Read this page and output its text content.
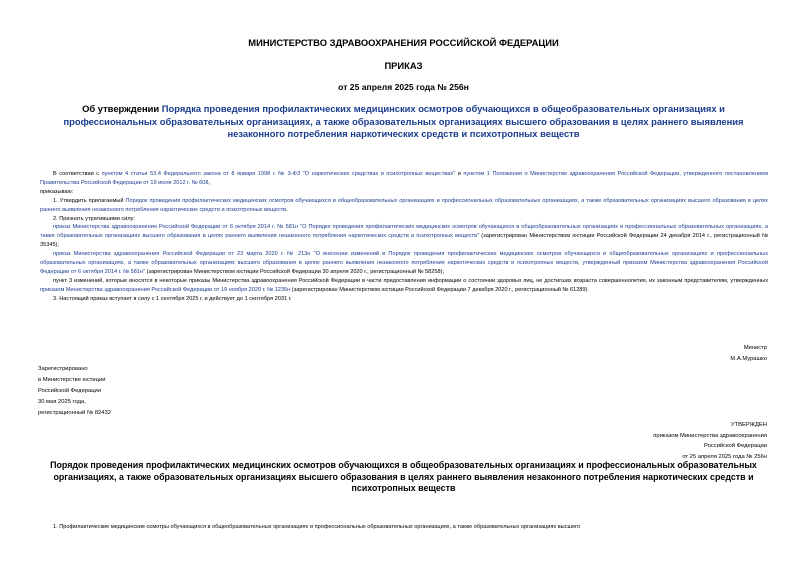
МИНИСТЕРСТВО ЗДРАВООХРАНЕНИЯ РОССИЙСКОЙ ФЕДЕРАЦИИ
ПРИКАЗ
от 25 апреля 2025 года № 256н
Об утверждении Порядка проведения профилактических медицинских осмотров обучающихся в общеобразовательных организациях и профессиональных образовательных организациях, а также образовательных организациях высшего образования в целях раннего выявления незаконного потребления наркотических средств и психотропных веществ

В соответствии с пунктом 4 статьи 53.4 Федерального закона от 8 января 1998 г. № 3-ФЗ "О наркотических средствах и психотропных веществах" и пунктом 1 Положения о Министерстве здравоохранения Российской Федерации, утвержденного постановлением Правительства Российской Федерации от 19 июня 2012 г. № 608,

приказываю:

1. Утвердить прилагаемый Порядок проведения профилактических медицинских осмотров обучающихся в общеобразовательных организациях и профессиональных образовательных организациях, а также образовательных организациях высшего образования в целях раннего выявления незаконного потребления наркотических средств и психотропных веществ.

2. Признать утратившими силу:

приказ Министерства здравоохранения Российской Федерации от 6 октября 2014 г. № 581н "О Порядке проведения профилактических медицинских осмотров обучающихся в общеобразовательных организациях и профессиональных образовательных организациях, а также образовательных организациях высшего образования в целях раннего выявления незаконного потребления наркотических средств и психотропных веществ" (зарегистрирован Министерством юстиции Российской Федерации 24 декабря 2014 г., регистрационный № 35345);

приказ Министерства здравоохранения Российской Федерации от 23 марта 2020 г. № 213н "О внесении изменений в Порядок проведения профилактических медицинских осмотров обучающихся в общеобразовательных организациях и профессиональных образовательных организациях, а также образовательных организациях высшего образования в целях раннего выявления незаконного потребления наркотических средств и психотропных веществ, утвержденный приказом Министерства здравоохранения Российской Федерации от 6 октября 2014 г. № 581н" (зарегистрирован Министерством юстиции Российской Федерации 30 апреля 2020 г., регистрационный № 58258);

пункт 3 изменений, которые вносятся в некоторые приказы Министерства здравоохранения Российской Федерации в части предоставления информации о состоянии здоровья лиц, не достигших возраста совершеннолетия, их законным представителям, утвержденных приказом Министерства здравоохранения Российской Федерации от 19 ноября 2020 г. № 1235н (зарегистрирован Министерством юстиции Российской Федерации 7 декабря 2020 г., регистрационный № 61289).

3. Настоящий приказ вступает в силу с 1 сентября 2025 г. и действует до 1 сентября 2031 г.

Министр
М.А.Мурашко
Зарегистрировано
в Министерстве юстиции
Российской Федерации
30 мая 2025 года,
регистрационный № 82432
УТВЕРЖДЕН
приказом Министерства здравоохранения
Российской Федерации
от 25 апреля 2025 года № 256н
Порядок проведения профилактических медицинских осмотров обучающихся в общеобразовательных организациях и профессиональных образовательных организациях, а также образовательных организациях высшего образования в целях раннего выявления незаконного потребления наркотических средств и психотропных веществ

1. Профилактические медицинские осмотры обучающихся в общеобразовательных организациях и профессиональных образовательных организациях, а также образовательных организациях высшего
